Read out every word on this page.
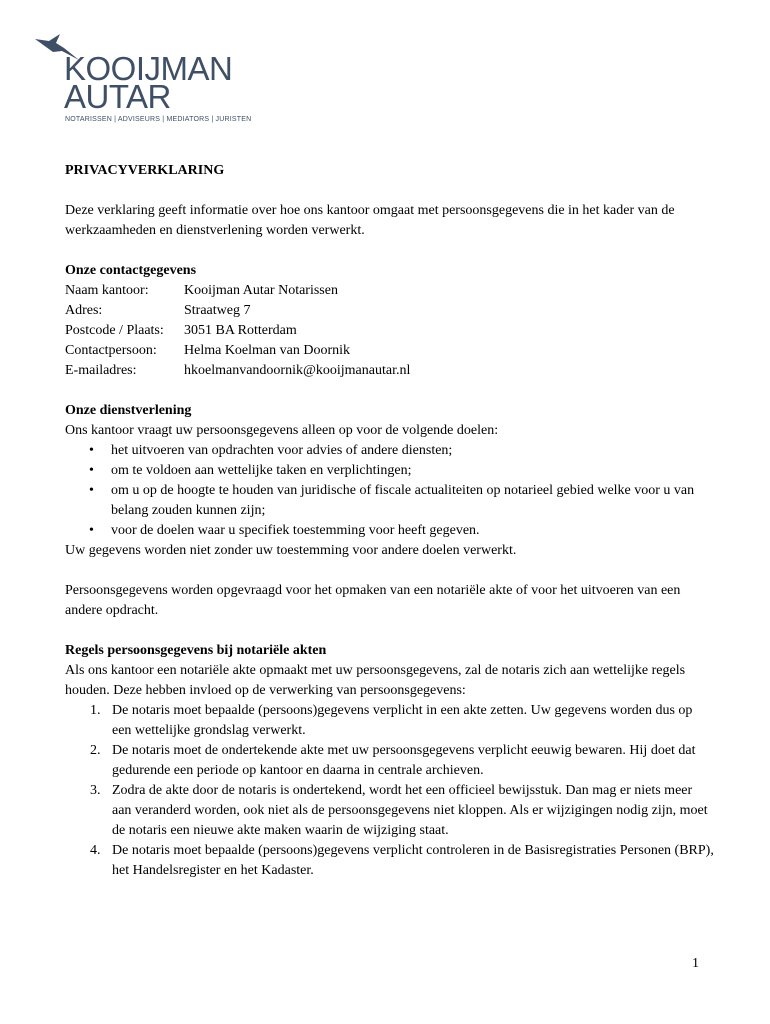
KOOIJMAN
AUTAR
NOTARISSEN | ADVISEURS | MEDIATORS | JURISTEN

PRIVACYVERKLARING

Deze verklaring geeft informatie over hoe ons kantoor omgaat met persoonsgegevens die in het kader van de werkzaamheden en dienstverlening worden verwerkt.

Onze contactgegevens

Naam kantoor:	Kooijman Autar Notarissen
Adres:	Straatweg 7
Postcode / Plaats:	3051 BA Rotterdam
Contactpersoon:	Helma Koelman van Doornik
E-mailadres:	hkoelmanvandoornik@kooijmanautar.nl

Onze dienstverlening

Ons kantoor vraagt uw persoonsgegevens alleen op voor de volgende doelen:

• het uitvoeren van opdrachten voor advies of andere diensten;
• om te voldoen aan wettelijke taken en verplichtingen;
• om u op de hoogte te houden van juridische of fiscale actualiteiten op notarieel gebied welke voor u van belang zouden kunnen zijn;
• voor de doelen waar u specifiek toestemming voor heeft gegeven.

Uw gegevens worden niet zonder uw toestemming voor andere doelen verwerkt.

Persoonsgegevens worden opgevraagd voor het opmaken van een notariële akte of voor het uitvoeren van een andere opdracht.

Regels persoonsgegevens bij notariële akten

Als ons kantoor een notariële akte opmaakt met uw persoonsgegevens, zal de notaris zich aan wettelijke regels houden. Deze hebben invloed op de verwerking van persoonsgegevens:

1. De notaris moet bepaalde (persoons)gegevens verplicht in een akte zetten. Uw gegevens worden dus op een wettelijke grondslag verwerkt.
2. De notaris moet de ondertekende akte met uw persoonsgegevens verplicht eeuwig bewaren. Hij doet dat gedurende een periode op kantoor en daarna in centrale archieven.
3. Zodra de akte door de notaris is ondertekend, wordt het een officieel bewijsstuk. Dan mag er niets meer aan veranderd worden, ook niet als de persoonsgegevens niet kloppen. Als er wijzigingen nodig zijn, moet de notaris een nieuwe akte maken waarin de wijziging staat.
4. De notaris moet bepaalde (persoons)gegevens verplicht controleren in de Basisregistraties Personen (BRP), het Handelsregister en het Kadaster.
1
